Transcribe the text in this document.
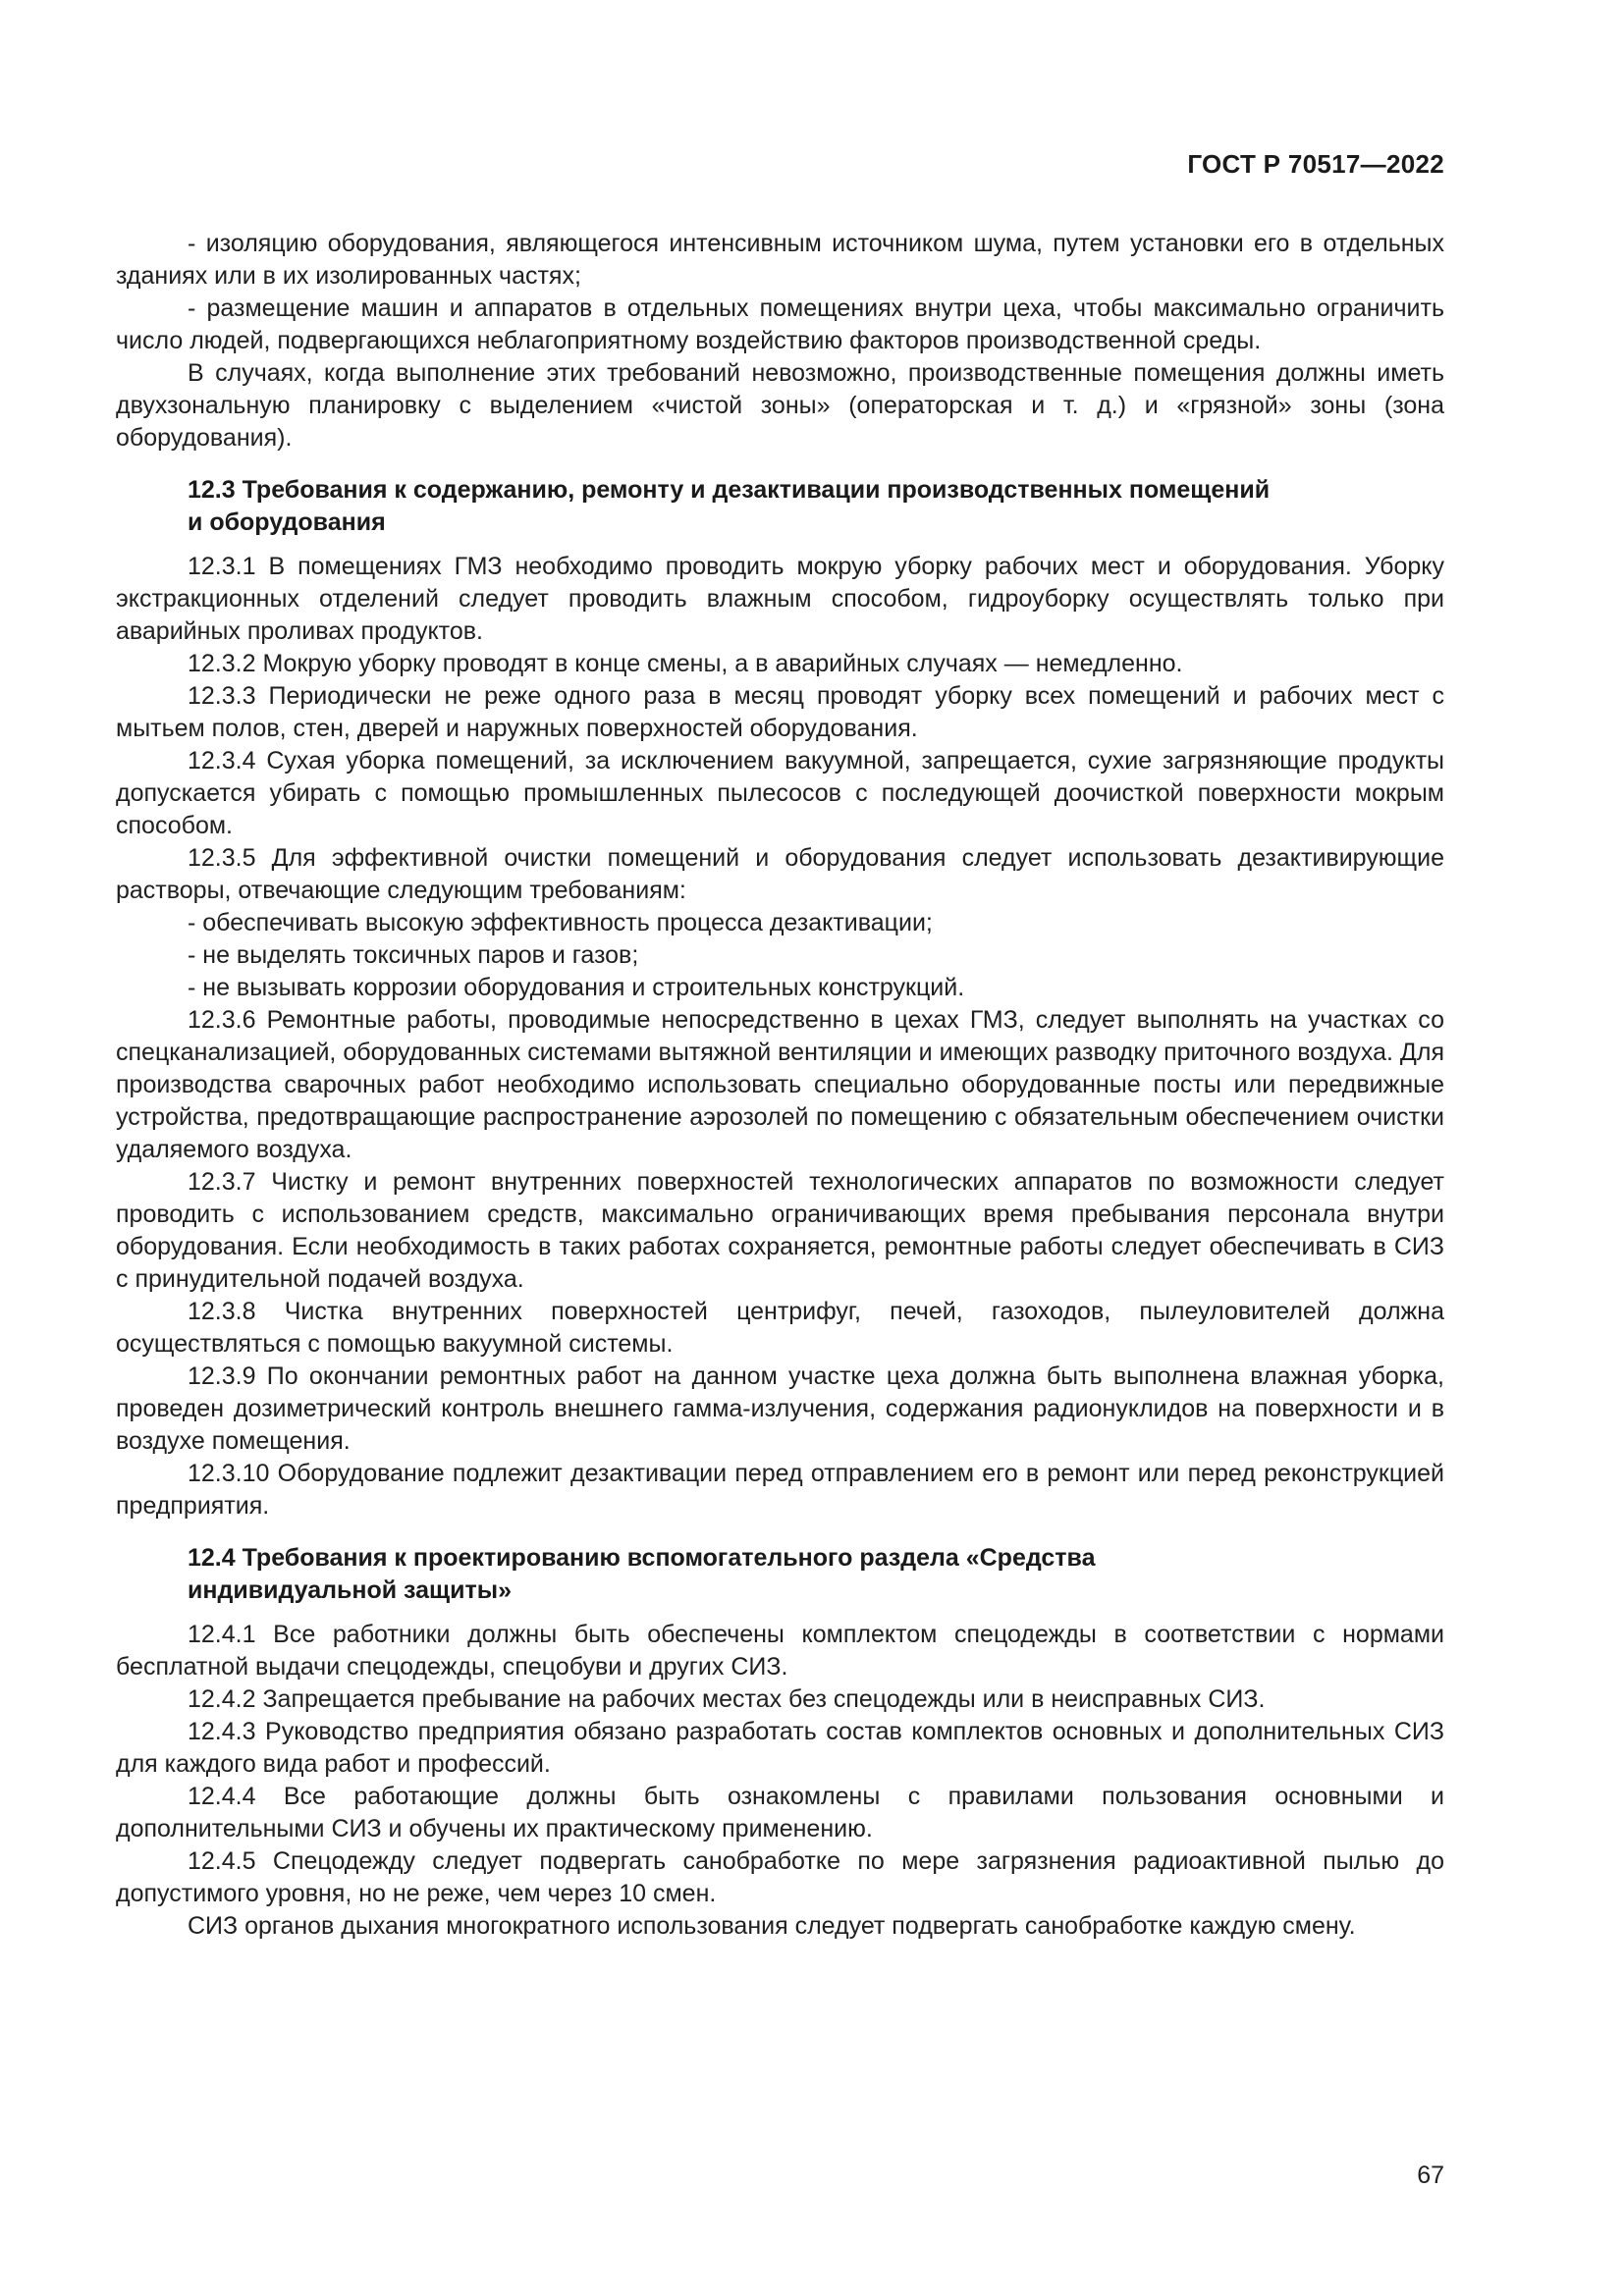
ГОСТ Р 70517—2022

- изоляцию оборудования, являющегося интенсивным источником шума, путем установки его в отдельных зданиях или в их изолированных частях;

- размещение машин и аппаратов в отдельных помещениях внутри цеха, чтобы максимально ограничить число людей, подвергающихся неблагоприятному воздействию факторов производственной среды.

В случаях, когда выполнение этих требований невозможно, производственные помещения должны иметь двухзональную планировку с выделением «чистой зоны» (операторская и т. д.) и «грязной» зоны (зона оборудования).

12.3 Требования к содержанию, ремонту и дезактивации производственных помещений
и оборудования

12.3.1 В помещениях ГМЗ необходимо проводить мокрую уборку рабочих мест и оборудования. Уборку экстракционных отделений следует проводить влажным способом, гидроуборку осуществлять только при аварийных проливах продуктов.

12.3.2 Мокрую уборку проводят в конце смены, а в аварийных случаях — немедленно.

12.3.3 Периодически не реже одного раза в месяц проводят уборку всех помещений и рабочих мест с мытьем полов, стен, дверей и наружных поверхностей оборудования.

12.3.4 Сухая уборка помещений, за исключением вакуумной, запрещается, сухие загрязняющие продукты допускается убирать с помощью промышленных пылесосов с последующей доочисткой поверхности мокрым способом.

12.3.5 Для эффективной очистки помещений и оборудования следует использовать дезактивирующие растворы, отвечающие следующим требованиям:

- обеспечивать высокую эффективность процесса дезактивации;

- не выделять токсичных паров и газов;

- не вызывать коррозии оборудования и строительных конструкций.

12.3.6 Ремонтные работы, проводимые непосредственно в цехах ГМЗ, следует выполнять на участках со спецканализацией, оборудованных системами вытяжной вентиляции и имеющих разводку приточного воздуха. Для производства сварочных работ необходимо использовать специально оборудованные посты или передвижные устройства, предотвращающие распространение аэрозолей по помещению с обязательным обеспечением очистки удаляемого воздуха.

12.3.7 Чистку и ремонт внутренних поверхностей технологических аппаратов по возможности следует проводить с использованием средств, максимально ограничивающих время пребывания персонала внутри оборудования. Если необходимость в таких работах сохраняется, ремонтные работы следует обеспечивать в СИЗ с принудительной подачей воздуха.

12.3.8 Чистка внутренних поверхностей центрифуг, печей, газоходов, пылеуловителей должна осуществляться с помощью вакуумной системы.

12.3.9 По окончании ремонтных работ на данном участке цеха должна быть выполнена влажная уборка, проведен дозиметрический контроль внешнего гамма-излучения, содержания радионуклидов на поверхности и в воздухе помещения.

12.3.10 Оборудование подлежит дезактивации перед отправлением его в ремонт или перед реконструкцией предприятия.

12.4 Требования к проектированию вспомогательного раздела «Средства
индивидуальной защиты»

12.4.1 Все работники должны быть обеспечены комплектом спецодежды в соответствии с нормами бесплатной выдачи спецодежды, спецобуви и других СИЗ.

12.4.2 Запрещается пребывание на рабочих местах без спецодежды или в неисправных СИЗ.

12.4.3 Руководство предприятия обязано разработать состав комплектов основных и дополнительных СИЗ для каждого вида работ и профессий.

12.4.4 Все работающие должны быть ознакомлены с правилами пользования основными и дополнительными СИЗ и обучены их практическому применению.

12.4.5 Спецодежду следует подвергать санобработке по мере загрязнения радиоактивной пылью до допустимого уровня, но не реже, чем через 10 смен.

СИЗ органов дыхания многократного использования следует подвергать санобработке каждую смену.

67
